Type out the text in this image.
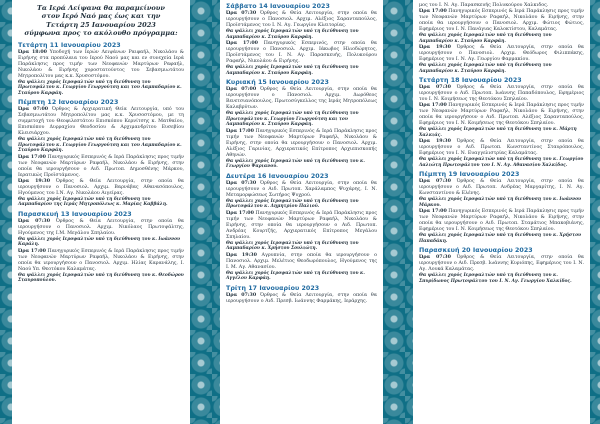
Τα Ιερά Λείψανα θα παραμείνουν
στον Ιερό Ναό μας έως και την
Τετάρτη 25 Ιανουαρίου 2023
σύμφωνα προς το ακόλουθο πρόγραμμα:
Τετάρτη 11 Ιανουαρίου 2023

Ώρα 18:00 Υποδοχή των Ιερών Λειψάνων Ραιφαήλ, Νικολάου & Ειρήνης στα προπύλαια του Ιερού Ναού μας και εν συνεχεία Ιερά Παράκλησις προς τιμήν των Νεοφανών Μαρτύρων Ραφαήλ, Νικολάου & Ειρήνης χοροστατούντος του Σεβασμιωτάτου Μητροπολίτου μας κ.κ. Χρυσοστόμου.

Θα ψάλλει χορός Ιεροψαλτών υπό τη διεύθυνση του Πρωτοψάλτου κ. Γεωργίου Γεωργούτση και του Λαμπαδαρίου κ. Σταύρου Καρφάη.

Πέμπτη 12 Ιανουαρίου 2023

Ώρα 07:00 Όρθρος & Αρχιερατική Θεία Λειτουργία, υπό του Σεβασμιωτάτου Μητροπολίτου μας κ.κ. Χρυσοστόμου, με τη συμμετοχή του Θεοφιλεστάτου Επισκόπου Κερνίτσης κ. Ματθαίου, Επισκόπου Δυρραχίου Θεοδοσίου & Αρχιμανδρίτου Ευσεβίου Κλεισιάρχου.

Θα ψάλλει χορός Ιεροψαλτών υπό τη διεύθυνση του Πρωτοψάλτου κ. Γεωργίου Γεωργούτση και του Λαμπαδαρίου κ. Σταύρου Καρφάη.

Ώρα 17:00 Πανηγυρικός Εσπερινός & Ιερά Παράκλησις προς τιμήν των Νεοφανών Μαρτύρων Ραφαήλ, Νικολάου & Ειρήνης, στην οποία θα ιερουργήσουν ο Αιδ. Πρωτοπ. Δημοσθένης Μάρκου, Ιερατικώς Προϊστάμενος.

Ώρα 19:30 Όρθρος & Θεία Λειτουργία, στην οποία θα ιερουργήσουν ο Πανοσιολ. Αρχιμ. Βαρνάβας Αθανασόπουλος, Ηγούμενος του Ι.Ν. Αγ. Νικολάου Αιγείρας.

Θα ψάλλει χορός Ιεροψαλτών υπό τη διεύθυνση του Λαμπαδαρίου της Ιεράς Μητροπόλεως κ. Μαρίας Καββάλη.

Παρασκευή 13 Ιανουαρίου 2023

Ώρα 07:30 Όρθρος & Θεία Λειτουργία, στην οποία θα ιερουργήσουν ο Πανοσιολ. Αρχιμ. Νικόλαος Πρωτοψάλτης, Ηγούμενος της Ι.Μ. Μεγάλου Σπηλαίου.

Θα ψάλλει χορός Ιεροψαλτών υπό τη διεύθυνση του κ. Ιωάννου Καράλη.

Ώρα 17:00 Πανηγυρικός Εσπερινός & Ιερά Παράκλησις προς τιμήν των Νεοφανών Μαρτύρων Ραφαήλ, Νικολάου & Ειρήνης, στην οποία θα ιερουργήσουν ο Πανοσιολ. Αρχιμ. Ηλίας Καρανάλης, Ι. Ναού Υπ. Θεοτόκου Καλαμάτας.

Θα ψάλλει χορός Ιεροψαλτών υπό τη διεύθυνση του κ. Θεοδώρου Σταυροπούλου.

Σάββατο 14 Ιανουαρίου 2023

Ώρα 07:30 Όρθρος & Θεία Λειτουργία, στην οποία θα ιερουργήσουν ο Πανοσιολ. Αρχιμ. Αλέξιος Σαρανταπούλος, Προϊστάμενος του Ι. Ν. Αγ. Γεωργίου Κλειτορίας.

Θα ψάλλει χορός Ιεροψαλτών υπό τη διεύθυνση του Λαμπαδαρίου κ. Σταύρου Καρφάη.

Ώρα 17:00 Πανηγυρικός Εσπερινός, στην οποία θα ιερουργήσουν ο Πανοσιολ. Αρχιμ. Ιάκωβος Ηλιοδώρητος, Προϊστάμενος του Ι. Ν. Αγ. Παρασκευής, Πολυκούρου Ραφαήλ, Νικολάου & Ειρήνης.

Θα ψάλλει χορός Ιεροψαλτών υπό τη διεύθυνση του Λαμπαδαρίου κ. Σταύρου Καρφάη.

Κυριακή 15 Ιανουαρίου 2023

Ώρα 07:00 Όρθρος & Θεία Λειτουργία, στην οποία θα ιερουργήσουν ο Πανοσιολ. Αρχιμ. Δωρόθεος Βενετσιανόπουλος, Πρωτοσύγκελλος της Ιεράς Μητροπόλεως Καλαβρύτων.

Θα ψάλλει χορός Ιεροψαλτών υπό τη διεύθυνση του Πρωτοψάλτου κ. Γεωργίου Γεωργούτση και του Λαμπαδαρίου κ. Σταύρου Καρφάη.

Ώρα 17:00 Πανηγυρικός Εσπερινός & Ιερά Παράκλησις προς τιμήν των Νεοφανών Μαρτύρων Ραφαήλ, Νικολάου & Ειρήνης, στην οποία θα ιερουργήσουν ο Πανοσιολ. Αρχιμ. Αλέξιος Γαρινίας, Αρχιερατικός Επίτροπος Αρχιεπισκοπής Αθηνών.

Θα ψάλλει χορός Ιεροψαλτών υπό τη διεύθυνση του κ. Γεωργίου Ψαριανού.

Δευτέρα 16 Ιανουαρίου 2023

Ώρα 07:30 Όρθρος & Θεία Λειτουργία, στην οποία θα ιερουργήσουν ο Αιδ. Πρωτοπ. Χαράλαμπος Ψυχάρης, Ι. Ν. Μεταμορφώσεως Σωτήρος Ψυχρού.

Θα ψάλλει χορός Ιεροψαλτών υπό τη διεύθυνση του Πρωτοψάλτου κ. Δημητρίου Παλιού.

Ώρα 17:00 Πανηγυρικός Εσπερινός & Ιερά Παράκλησις προς τιμήν των Νεοφανών Μαρτύρων Ραφαήλ, Νικολάου & Ειρήνης, στην οποία θα ιερουργήσουν ο Αιδ. Πρωτοπ. Ανδρέας Κουρτζής, Αρχιερατικός Επίτροπος Μεγάλου Σπηλαίου.

Θα ψάλλει χορός Ιεροψαλτών υπό τη διεύθυνση του Λαμπαδαρίου κ. Χρήστου Σουλιώτη.

Ώρα 19:30 Αγρυπνία, στην οποία θα ιερουργήσουν ο Πανοσιολ. Αρχιμ. Μελέτιος Θεοδωρόπουλος, Ηγούμενος της Ι. Μ. Αγ. Αθανασίου.

Θα ψάλλει χορός Ιεροψαλτών υπό τη διεύθυνση του κ. Αγγέλου Καρφάη.

Τρίτη 17 Ιανουαρίου 2023

Ώρα 07:30 Όρθρος & Θεία Λειτουργία, στην οποία θα ιερουργήσουν ο Αιδ. Πρεσβ. Ιωάννης Φαρμάκης, Ιεράρχης.

μος του Ι. Ν. Αγ. Παρασκευής Πολυκούρου Χαλκιδος.

Ώρα 17:00 Πανηγυρικός Εσπερινός & Ιερά Παράκλησις προς τιμήν των Νεοφανών Μαρτύρων Ραφαήλ, Νικολάου & Ειρήνης, στην οποία θα ιερουργήσουν ο Πανοσιολ. Αρχιμ. Φώτιος Φώτιος, Εφημέριος του Ι. Ν. Πανάγιας Καλοκτίστου, Καλαμάτας.

Θα ψάλλει χορός Ιεροψαλτών υπό τη διεύθυνση του Λαμπαδαρίου κ. Σταύρου Καρφάη.

Ώρα 19:30 Όρθρος & Θεία Λειτουργία, στην οποία θα ιερουργήσουν ο Πανοσιολ. Αρχιμ. Θεόδωρος Φιλιππάκης, Εφημέριος του Ι. Ν. Αγ. Γεωργίου Φαρμακίου.

Θα ψάλλει χορός Ιεροψαλτών υπό τη διεύθυνση του Λαμπαδαρίου κ. Σταύρου Καρφάη.

Τετάρτη 18 Ιανουαρίου 2023

Ώρα 07:30 Όρθρος & Θεία Λειτουργία, στην οποία θα ιερουργήσουν ο Αιδ. Πρωτοπ. Ιωάννης Παπαδόπουλος, Εφημέριος του Ι. Ν. Κοιμήσεως της Θεοτόκου Σπηλαίου.

Ώρα 17:00 Πανηγυρικός Εσπερινός & Ιερά Παράκλησις προς τιμήν των Νεοφανών Μαρτύρων Ραφαήλ, Νικολάου & Ειρήνης, στην οποία θα ιερουργήσουν ο Αιδ. Πρωτοπ. Αλέξιος Σαρανταπούλος, Εφημέριος του Ι. Ν. Κοιμήσεως της Θεοτόκου Σπηλαίου.

Θα ψάλλει χορός Ιεροψαλτών υπό τη διεύθυνση του κ. Μάρτη Χαλκιάς.

Ώρα 19:30 Όρθρος & Θεία Λειτουργία, στην οποία θα ιερουργήσουν ο Αιδ. Πρωτοπ. Κωνσταντίνος Σταυρόπουλος, Εφημέριος του Ι. Ν. Ευαγγελιστρίας Καλαμάτας.

Θα ψάλλει χορός Ιεροψαλτών υπό τη διεύθυνση του κ. Γεωργίου Λαλιώτη Πρωτοψάλτου του Ι. Ν. Αγ. Αθανασίου Χαλκίδος.

Πέμπτη 19 Ιανουαρίου 2023

Ώρα 07:30 Όρθρος & Θεία Λειτουργία, στην οποία θα ιερουργήσουν ο Αιδ. Πρωτοπ. Ανδρέας Μαργαρίτης, Ι. Ν. Αγ. Κωνσταντίνου & Ελένης.

Θα ψάλλει χορός Ιεροψαλτών υπό τη διεύθυνση του κ. Ιωάννου Μάρκου.

Ώρα 17:00 Πανηγυρικός Εσπερινός & Ιερά Παράκλησις προς τιμήν των Νεοφανών Μαρτύρων Ραφαήλ, Νικολάου & Ειρήνης, στην οποία θα ιερουργήσουν ο Αιδ. Πρωτοπ. Σταμάτιος Μπακοβιάνης, Εφημέριος του Ι. Ν. Κοιμήσεως της Θεοτόκου Σπηλαίου.

Θα ψάλλει χορός Ιεροψαλτών υπό τη διεύθυνση του κ. Χρήστου Παπαδάκη.

Παρασκευή 20 Ιανουαρίου 2023

Ώρα 07:30 Όρθρος & Θεία Λειτουργία, στην οποία θα ιερουργήσουν ο Αιδ. Πρεσβ. Ιωάννης Κυριόπης, Εφημέριος του Ι. Ν. Αγ. Λουκά Καλαμάτας.

Θα ψάλλει χορός Ιεροψαλτών υπό τη διεύθυνση του κ. Σπυρίδωνος Πρωτοψάλτου του Ι. Ν. Αγ. Γεωργίου Χαλκίδος.
